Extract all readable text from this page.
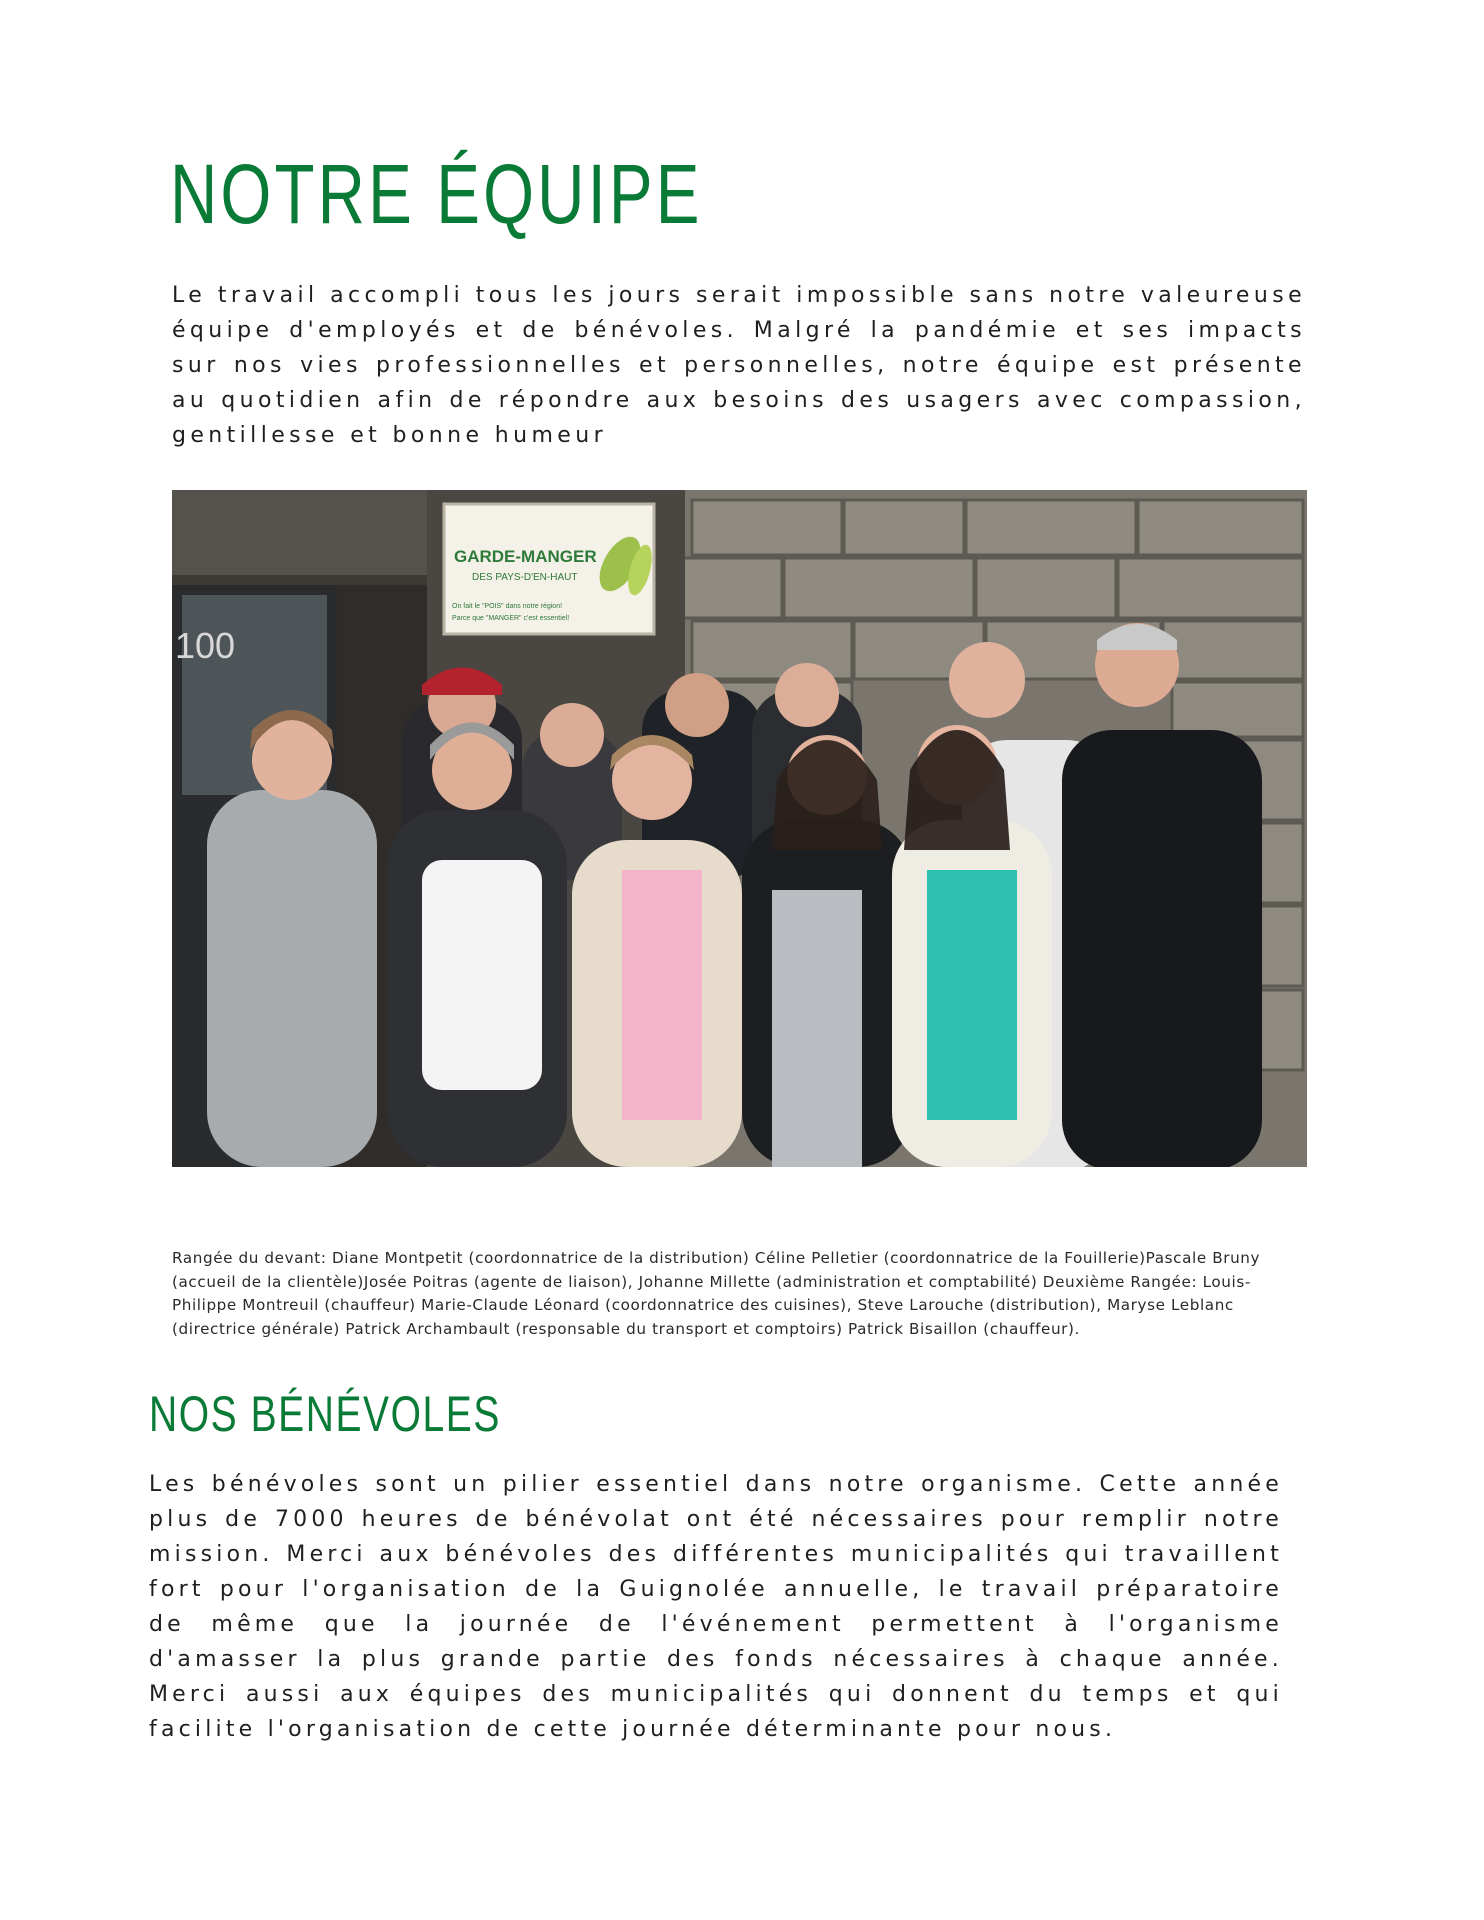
NOTRE ÉQUIPE

Le travail accompli tous les jours serait impossible sans notre valeureuse équipe d'employés et de bénévoles. Malgré la pandémie et ses impacts sur nos vies professionnelles et personnelles, notre équipe est présente au quotidien afin de répondre aux besoins des usagers avec compassion, gentillesse et bonne humeur

100
GARDE-MANGER
DES PAYS-D'EN-HAUT
On fait le "POIS" dans notre région!
Parce que "MANGER" c'est essentiel!

Rangée du devant: Diane Montpetit (coordonnatrice de la distribution) Céline Pelletier (coordonnatrice de la Fouillerie)Pascale Bruny (accueil de la clientèle)Josée Poitras (agente de liaison), Johanne Millette (administration et comptabilité) Deuxième Rangée: Louis-Philippe Montreuil (chauffeur) Marie-Claude Léonard (coordonnatrice des cuisines), Steve Larouche (distribution), Maryse Leblanc (directrice générale) Patrick Archambault (responsable du transport et comptoirs) Patrick Bisaillon (chauffeur).

NOS BÉNÉVOLES

Les bénévoles sont un pilier essentiel dans notre organisme. Cette année plus de 7000 heures de bénévolat ont été nécessaires pour remplir notre mission. Merci aux bénévoles des différentes municipalités qui travaillent fort pour l'organisation de la Guignolée annuelle, le travail préparatoire de même que la journée de l'événement permettent à l'organisme d'amasser la plus grande partie des fonds nécessaires à chaque année. Merci aussi aux équipes des municipalités qui donnent du temps et qui facilite l'organisation de cette journée déterminante pour nous.
